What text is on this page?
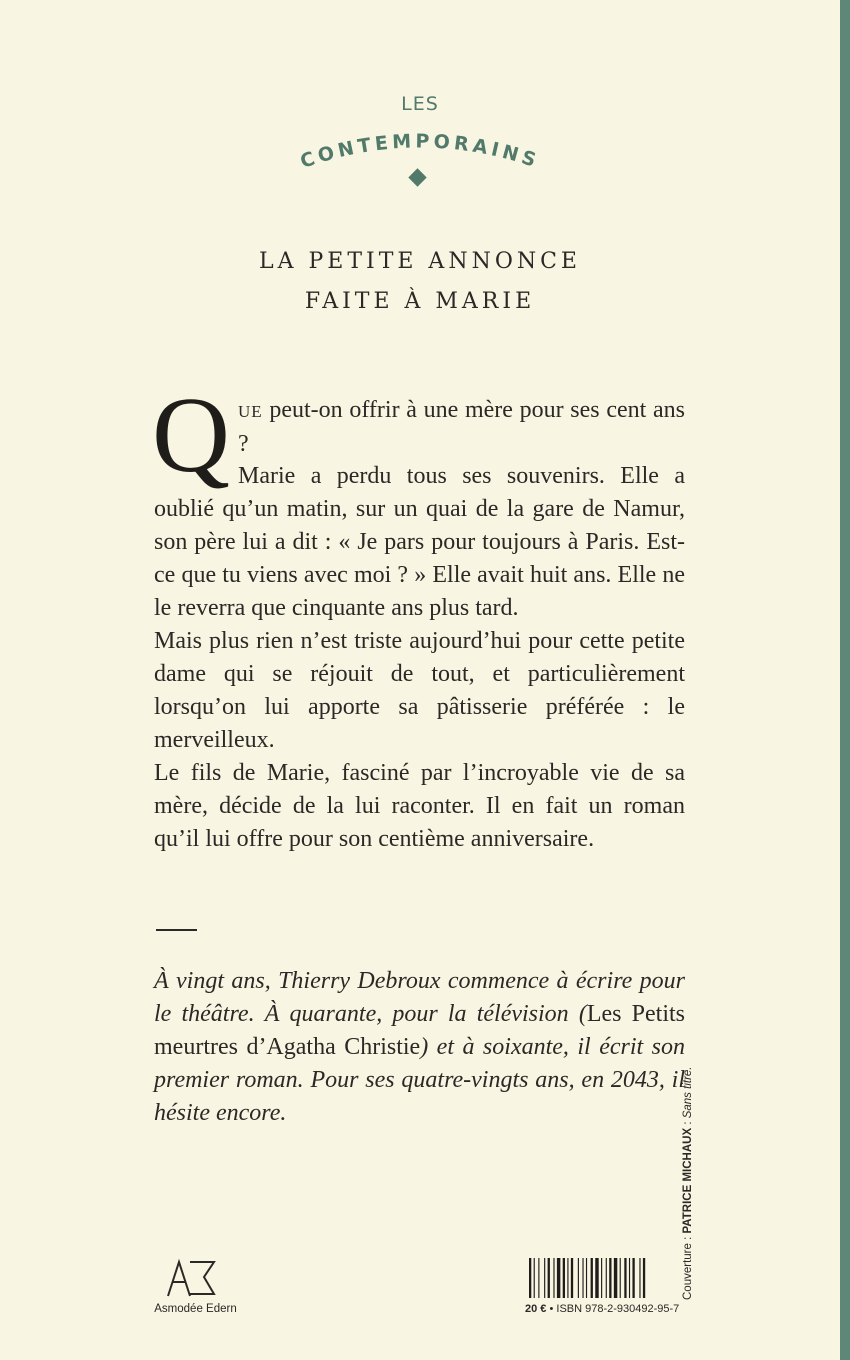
LES
CONTEMPORAINS
LA PETITE ANNONCE
FAITE À MARIE
Q UE peut-on offrir à une mère pour ses cent ans ?

Marie a perdu tous ses souvenirs. Elle a oublié qu’un matin, sur un quai de la gare de Namur, son père lui a dit : « Je pars pour toujours à Paris. Est-ce que tu viens avec moi ? » Elle avait huit ans. Elle ne le reverra que cinquante ans plus tard.

Mais plus rien n’est triste aujourd’hui pour cette petite dame qui se réjouit de tout, et particulièrement lorsqu’on lui apporte sa pâtisserie préférée : le merveilleux.

Le fils de Marie, fasciné par l’incroyable vie de sa mère, décide de la lui raconter. Il en fait un roman qu’il lui offre pour son centième anniversaire.

À vingt ans, Thierry Debroux commence à écrire pour le théâtre. À quarante, pour la télévision (Les Petits meurtres d’Agatha Christie) et à soixante, il écrit son premier roman. Pour ses quatre-vingts ans, en 2043, il hésite encore.
Couverture : PATRICE MICHAUX : Sans titre.
Asmodée Edern	20 € • ISBN 978-2-930492-95-7
